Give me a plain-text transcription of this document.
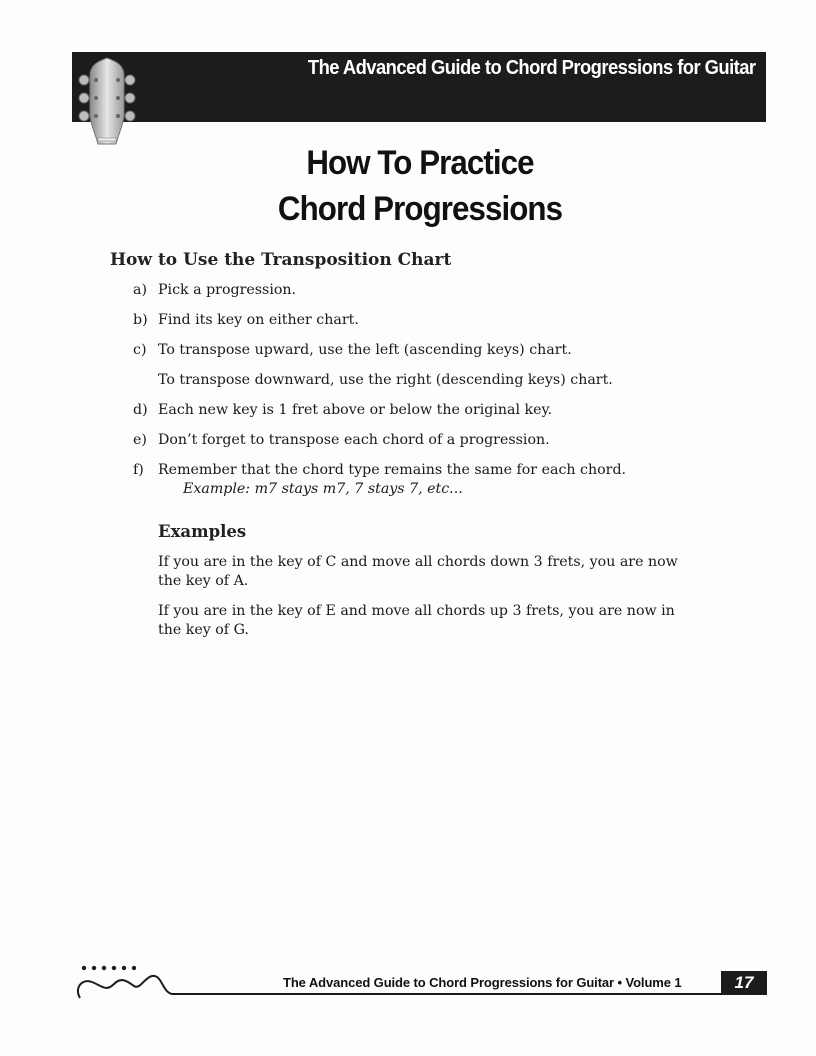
The Advanced Guide to Chord Progressions for Guitar
How To Practice
Chord Progressions
How to Use the Transposition Chart
a) Pick a progression.
b) Find its key on either chart.
c) To transpose upward, use the left (ascending keys) chart.
To transpose downward, use the right (descending keys) chart.
d) Each new key is 1 fret above or below the original key.
e) Don’t forget to transpose each chord of a progression.
f) Remember that the chord type remains the same for each chord.
Example: m7 stays m7, 7 stays 7, etc...
Examples
If you are in the key of C and move all chords down 3 frets, you are now the key of A.
If you are in the key of E and move all chords up 3 frets, you are now in the key of G.
The Advanced Guide to Chord Progressions for Guitar • Volume 1	17
